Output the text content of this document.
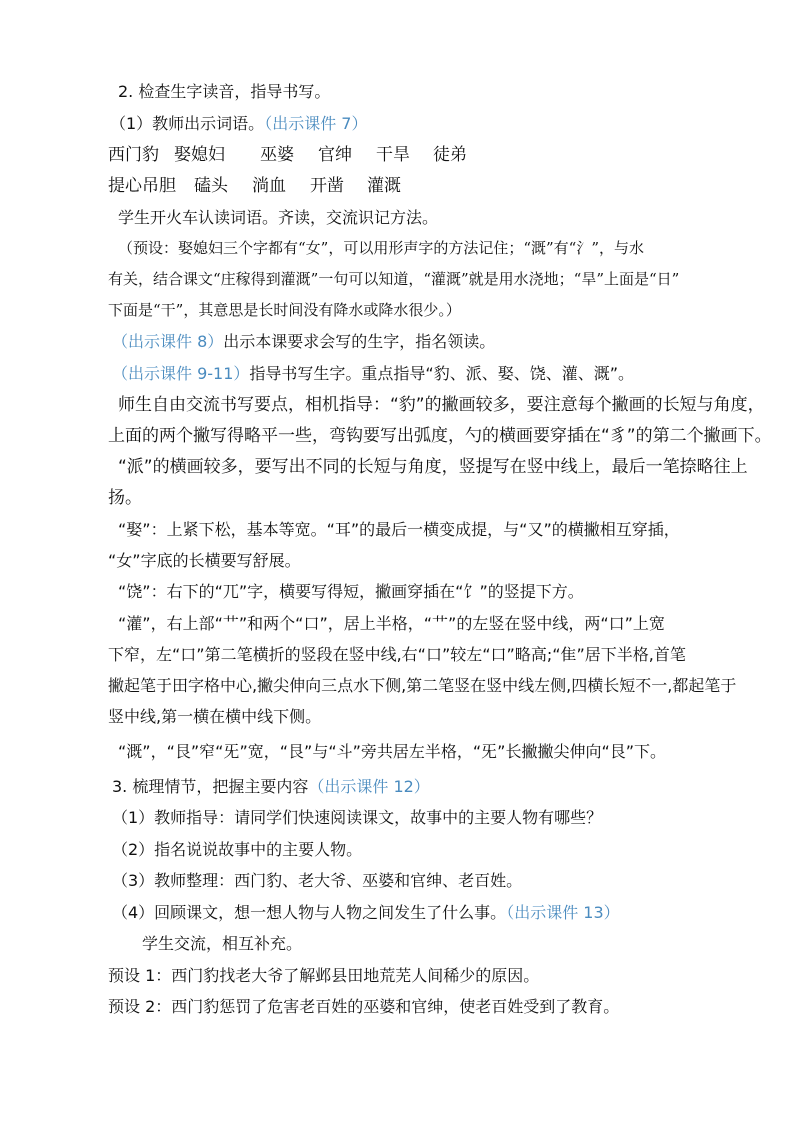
2. 检查生字读音，指导书写。
（1）教师出示词语。（出示课件 7）
西门豹 娶媳妇 巫婆 官绅 干旱 徒弟
提心吊胆 磕头 淌血 开凿 灌溉
学生开火车认读词语。齐读，交流识记方法。
（预设：娶媳妇三个字都有“女”，可以用形声字的方法记住；“溉”有“氵”，与水
有关，结合课文“庄稼得到灌溉”一句可以知道，“灌溉”就是用水浇地；“旱”上面是“日”
下面是“干”，其意思是长时间没有降水或降水很少。）
（出示课件 8）出示本课要求会写的生字，指名领读。
（出示课件 9-11）指导书写生字。重点指导“豹、派、娶、饶、灌、溉”。
师生自由交流书写要点，相机指导：“豹”的撇画较多，要注意每个撇画的长短与角度，
上面的两个撇写得略平一些，弯钩要写出弧度，勺的横画要穿插在“豸”的第二个撇画下。
“派”的横画较多，要写出不同的长短与角度，竖提写在竖中线上，最后一笔捺略往上
扬。
“娶”：上紧下松，基本等宽。“耳”的最后一横变成提，与“又”的横撇相互穿插，
“女”字底的长横要写舒展。
“饶”：右下的“兀”字，横要写得短，撇画穿插在“饣”的竖提下方。
“灌”，右上部“艹”和两个“口”，居上半格，“艹”的左竖在竖中线，两“口”上宽
下窄，左“口”第二笔横折的竖段在竖中线,右“口”较左“口”略高;“隹”居下半格,首笔
撇起笔于田字格中心,撇尖伸向三点水下侧,第二笔竖在竖中线左侧,四横长短不一,都起笔于
竖中线,第一横在横中线下侧。
“溉”，“艮”窄“旡”宽，“艮”与“斗”旁共居左半格，“旡”长撇撇尖伸向“艮”下。
3. 梳理情节，把握主要内容（出示课件 12）
（1）教师指导：请同学们快速阅读课文，故事中的主要人物有哪些？
（2）指名说说故事中的主要人物。
（3）教师整理：西门豹、老大爷、巫婆和官绅、老百姓。
（4）回顾课文，想一想人物与人物之间发生了什么事。（出示课件 13）
学生交流，相互补充。
预设 1：西门豹找老大爷了解邺县田地荒芜人间稀少的原因。
预设 2：西门豹惩罚了危害老百姓的巫婆和官绅，使老百姓受到了教育。
